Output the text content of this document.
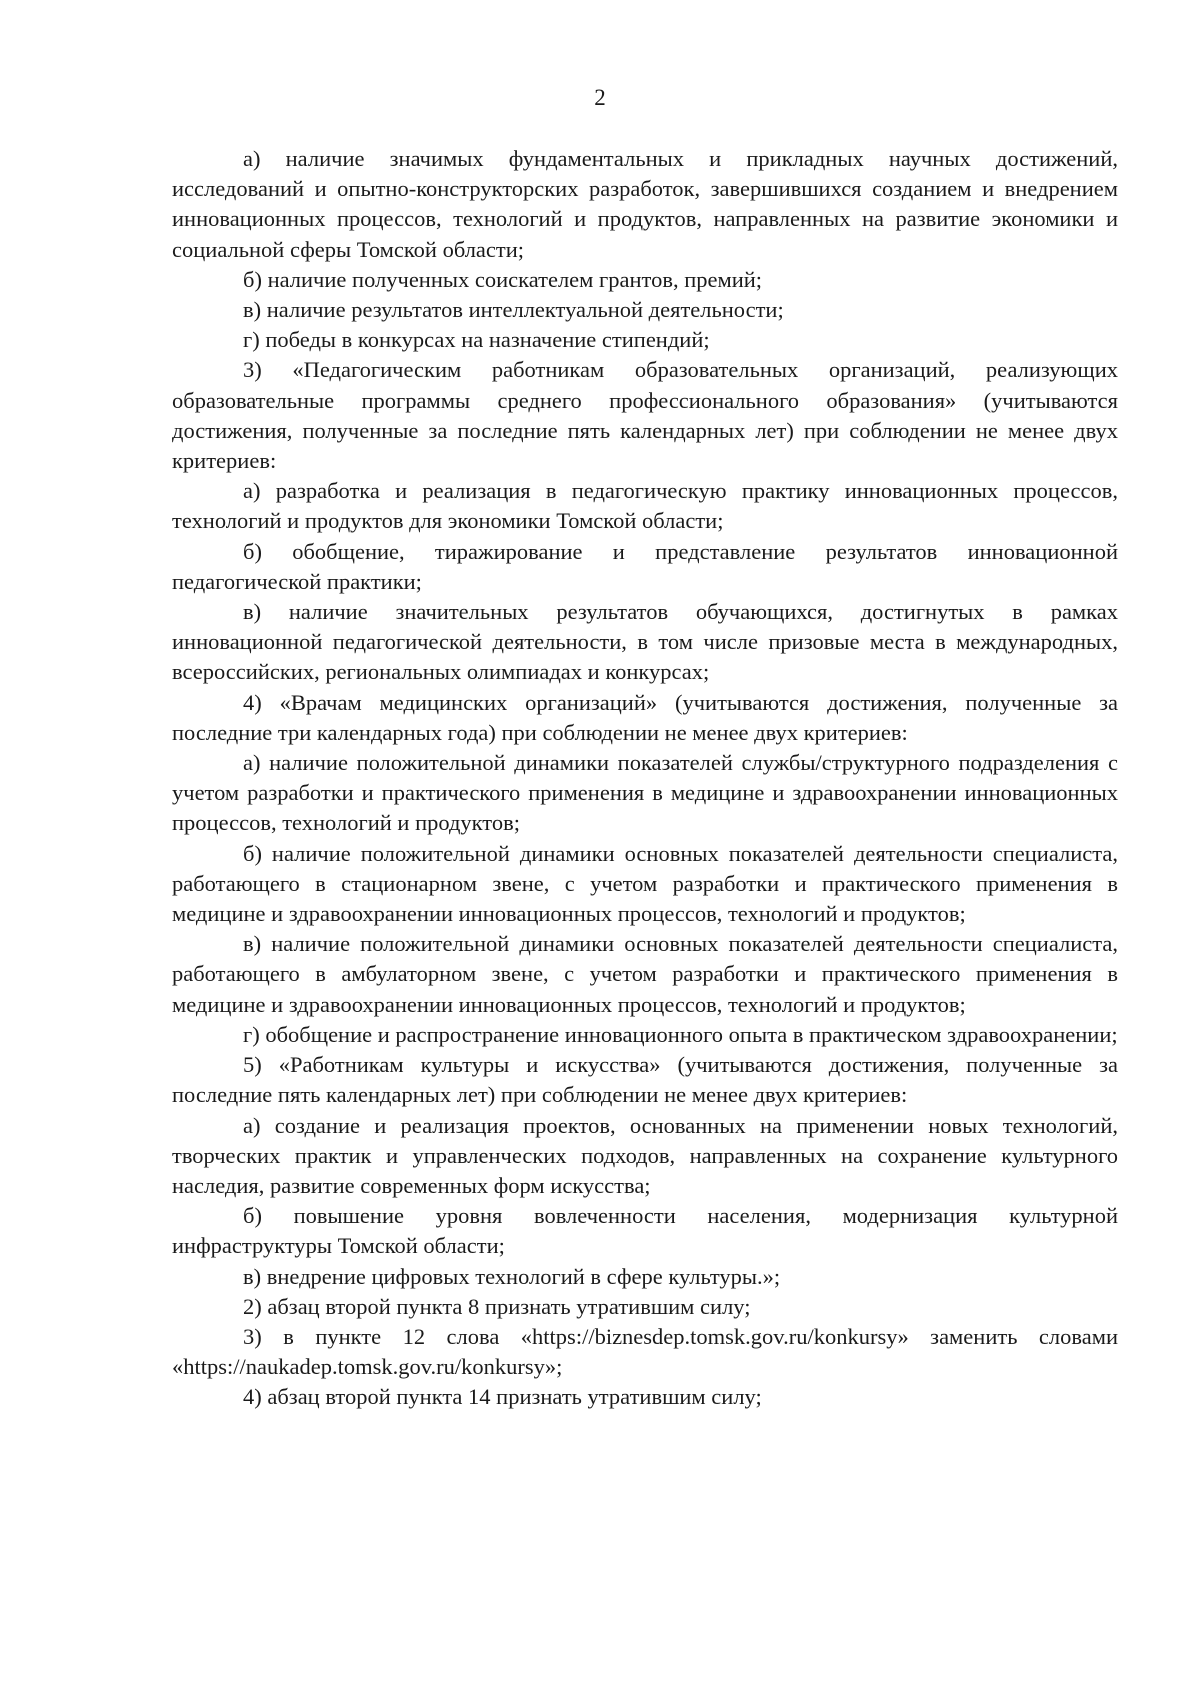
2

а) наличие значимых фундаментальных и прикладных научных достижений, исследований и опытно-конструкторских разработок, завершившихся созданием и внедрением инновационных процессов, технологий и продуктов, направленных на развитие экономики и социальной сферы Томской области;

б) наличие полученных соискателем грантов, премий;

в) наличие результатов интеллектуальной деятельности;

г) победы в конкурсах на назначение стипендий;

3) «Педагогическим работникам образовательных организаций, реализующих образовательные программы среднего профессионального образования» (учитываются достижения, полученные за последние пять календарных лет) при соблюдении не менее двух критериев:

а) разработка и реализация в педагогическую практику инновационных процессов, технологий и продуктов для экономики Томской области;

б) обобщение, тиражирование и представление результатов инновационной педагогической практики;

в) наличие значительных результатов обучающихся, достигнутых в рамках инновационной педагогической деятельности, в том числе призовые места в международных, всероссийских, региональных олимпиадах и конкурсах;

4) «Врачам медицинских организаций» (учитываются достижения, полученные за последние три календарных года) при соблюдении не менее двух критериев:

а) наличие положительной динамики показателей службы/структурного подразделения с учетом разработки и практического применения в медицине и здравоохранении инновационных процессов, технологий и продуктов;

б) наличие положительной динамики основных показателей деятельности специалиста, работающего в стационарном звене, с учетом разработки и практического применения в медицине и здравоохранении инновационных процессов, технологий и продуктов;

в) наличие положительной динамики основных показателей деятельности специалиста, работающего в амбулаторном звене, с учетом разработки и практического применения в медицине и здравоохранении инновационных процессов, технологий и продуктов;

г) обобщение и распространение инновационного опыта в практическом здравоохранении;

5) «Работникам культуры и искусства» (учитываются достижения, полученные за последние пять календарных лет) при соблюдении не менее двух критериев:

а) создание и реализация проектов, основанных на применении новых технологий, творческих практик и управленческих подходов, направленных на сохранение культурного наследия, развитие современных форм искусства;

б) повышение уровня вовлеченности населения, модернизация культурной инфраструктуры Томской области;

в) внедрение цифровых технологий в сфере культуры.»;

2) абзац второй пункта 8 признать утратившим силу;

3) в пункте 12 слова «https://biznesdep.tomsk.gov.ru/konkursy» заменить словами «https://naukadep.tomsk.gov.ru/konkursy»;

4) абзац второй пункта 14 признать утратившим силу;
